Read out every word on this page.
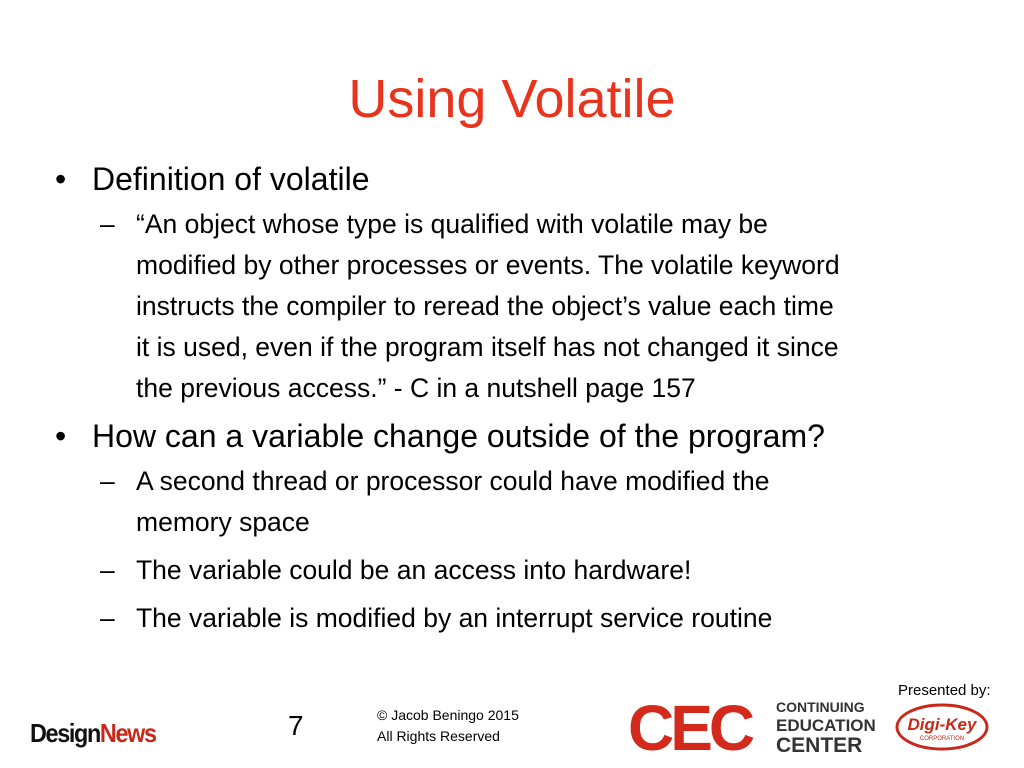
Using Volatile
• Definition of volatile
– “An object whose type is qualified with volatile may be
modified by other processes or events. The volatile keyword
instructs the compiler to reread the object’s value each time
it is used, even if the program itself has not changed it since
the previous access.” - C in a nutshell page 157
• How can a variable change outside of the program?
– A second thread or processor could have modified the
memory space
– The variable could be an access into hardware!
– The variable is modified by an interrupt service routine
DesignNews	7	© Jacob Beningo 2015
All Rights Reserved
Presented by:
CEC CONTINUING
EDUCATION
CENTER
Digi-Key
CORPORATION
